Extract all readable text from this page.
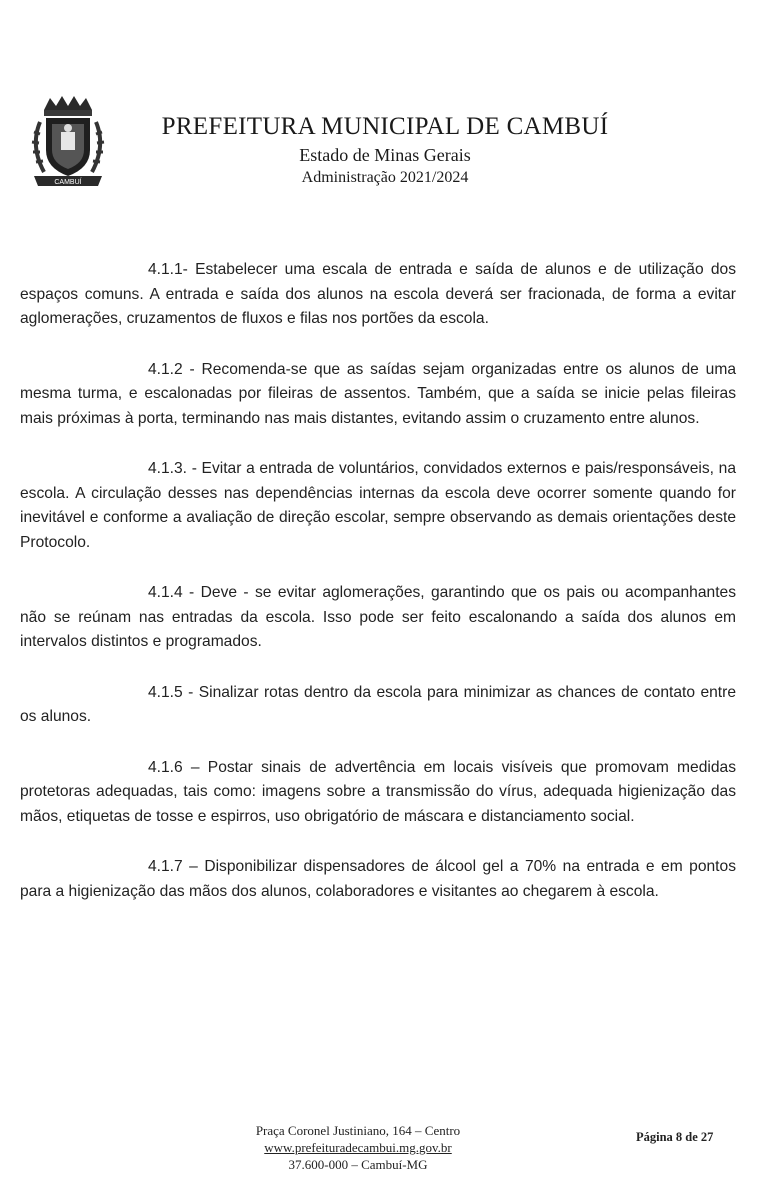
CAMBUÍ
PREFEITURA MUNICIPAL DE CAMBUÍ
Estado de Minas Gerais
Administração 2021/2024

4.1.1- Estabelecer uma escala de entrada e saída de alunos e de utilização dos espaços comuns. A entrada e saída dos alunos na escola deverá ser fracionada, de forma a evitar aglomerações, cruzamentos de fluxos e filas nos portões da escola.

4.1.2 - Recomenda-se que as saídas sejam organizadas entre os alunos de uma mesma turma, e escalonadas por fileiras de assentos. Também, que a saída se inicie pelas fileiras mais próximas à porta, terminando nas mais distantes, evitando assim o cruzamento entre alunos.

4.1.3. - Evitar a entrada de voluntários, convidados externos e pais/responsáveis, na escola. A circulação desses nas dependências internas da escola deve ocorrer somente quando for inevitável e conforme a avaliação de direção escolar, sempre observando as demais orientações deste Protocolo.

4.1.4 - Deve - se evitar aglomerações, garantindo que os pais ou acompanhantes não se reúnam nas entradas da escola. Isso pode ser feito escalonando a saída dos alunos em intervalos distintos e programados.

4.1.5 - Sinalizar rotas dentro da escola para minimizar as chances de contato entre os alunos.

4.1.6 – Postar sinais de advertência em locais visíveis que promovam medidas protetoras adequadas, tais como: imagens sobre a transmissão do vírus, adequada higienização das mãos, etiquetas de tosse e espirros, uso obrigatório de máscara e distanciamento social.

4.1.7 – Disponibilizar dispensadores de álcool gel a 70% na entrada e em pontos para a higienização das mãos dos alunos, colaboradores e visitantes ao chegarem à escola.

Praça Coronel Justiniano, 164 – Centro
www.prefeituradecambui.mg.gov.br
37.600-000 – Cambuí-MG
Página 8 de 27
